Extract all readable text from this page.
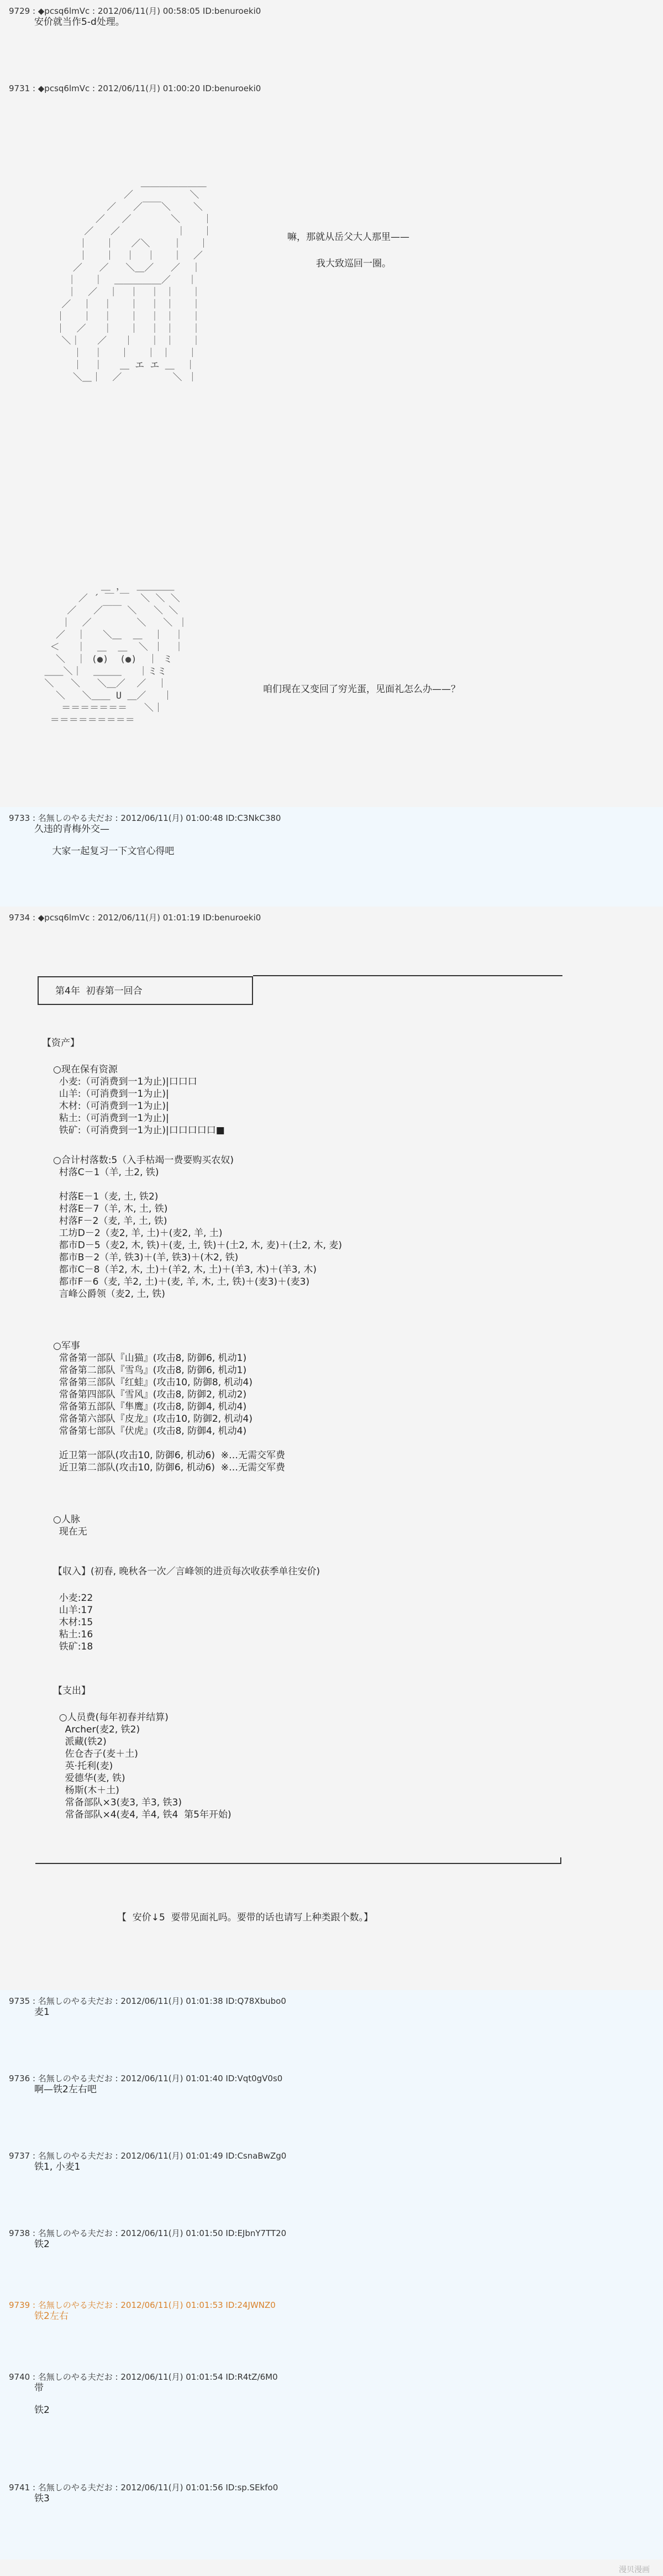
9729 : ◆pcsq6lmVc : 2012/06/11(月) 00:58:05 ID:benuroeki0
安价就当作5-d处理。
9731 : ◆pcsq6lmVc : 2012/06/11(月) 01:00:20 ID:benuroeki0
＿＿＿＿＿＿＿
／          ＼
／   ／￣￣＼    ＼
／   ／       ＼    ｜
／   ／          ｜   ｜
｜   ｜   ／＼    ｜   ｜
｜   ｜  ｜  ｜   ｜  ／
／   ／   ＼＿／   ／  ｜
｜   ｜  ＿＿＿＿＿／   ｜
｜  ／  ｜  ｜  ｜ ｜   ｜
／  ｜  ｜   ｜  ｜ ｜   ｜
｜   ｜  ｜   ｜  ｜ ｜   ｜
｜  ／   ｜   ｜  ｜ ｜   ｜
＼｜   ／   ｜   ｜ ｜   ｜
｜  ｜   ｜   ｜ ｜   ｜
｜  ｜   ＿ エ エ ＿  ｜
＼＿｜  ／         ＼ ｜
嘛，那就从岳父大人那里——
我大致巡回一圈。
＿ ，  ＿＿＿＿
／ ´ ￣ ￣  ＼ ＼ ＼
／   ／￣￣ ＼   ＼ ＼
｜  ／        ＼   ＼ ｜
／  ｜   ＼＿  ＿  ｜  ｜
＜   ｜  ＿  ＿  ＼ ｜  ｜
＼  ｜ (●)  (●)  ｜ ミ
＿＿＼｜  ＿＿＿   ｜ミミ
＼   ＼   ＼＿／  ／  ｜
＼   ＼＿＿ U ＿／   ｜
＝＝＝＝＝＝＝   ＼｜
＝＝＝＝＝＝＝＝＝
咱们现在又变回了穷光蛋，见面礼怎么办——？
9733 : 名無しのやる夫だお : 2012/06/11(月) 01:00:48 ID:C3NkC380
久违的青梅外交—

大家一起复习一下文官心得吧
9734 : ◆pcsq6lmVc : 2012/06/11(月) 01:01:19 ID:benuroeki0
第4年  初春第一回合
【资产】
○现在保有资源
小麦:（可消费到一1为止)|口口口
山羊:（可消费到一1为止)|
木材:（可消费到一1为止)|
粘土:（可消费到一1为止)|
铁矿:（可消费到一1为止)|口口口口口■
○合计村落数:5（入手枯竭一费要购买农奴)
村落C－1（羊, 土2, 铁)

村落E－1（麦, 土, 铁2)
村落E－7（羊, 木, 土, 铁)
村落F－2（麦, 羊, 土, 铁)
工坊D－2（麦2, 羊, 土)＋(麦2, 羊, 土)
都市D－5（麦2, 木, 铁)＋(麦, 土, 铁)＋(土2, 木, 麦)＋(土2, 木, 麦)
都市B－2（羊, 铁3)＋(羊, 铁3)＋(木2, 铁)
都市C－8（羊2, 木, 土)＋(羊2, 木, 土)＋(羊3, 木)＋(羊3, 木)
都市F－6（麦, 羊2, 土)＋(麦, 羊, 木, 土, 铁)＋(麦3)＋(麦3)
言峰公爵领（麦2, 土, 铁)
○军事
常备第一部队『山猫』(攻击8, 防御6, 机动1)
常备第二部队『雪鸟』(攻击8, 防御6, 机动1)
常备第三部队『红蛙』(攻击10, 防御8, 机动4)
常备第四部队『雪风』(攻击8, 防御2, 机动2)
常备第五部队『隼鹰』(攻击8, 防御4, 机动4)
常备第六部队『皮龙』(攻击10, 防御2, 机动4)
常备第七部队『伏虎』(攻击8, 防御4, 机动4)

近卫第一部队(攻击10, 防御6, 机动6)  ※…无需交军费
近卫第二部队(攻击10, 防御6, 机动6)  ※…无需交军费
○人脉
现在无
【収入】(初春, 晚秋各一次／言峰领的进贡每次收获季单往安价)
小麦:22
山羊:17
木材:15
粘土:16
铁矿:18
【支出】
○人员费(每年初春并结算)
Archer(麦2, 铁2)
派藏(铁2)
佐仓杏子(麦＋土)
英·托利(麦)
爱德华(麦, 铁)
杨斯(木＋土)
常备部队×3(麦3, 羊3, 铁3)
常备部队×4(麦4, 羊4, 铁4  第5年开始)
【  安价↓5  要带见面礼吗。要带的话也请写上种类跟个数。】
9735 : 名無しのやる夫だお : 2012/06/11(月) 01:01:38 ID:Q78Xbubo0
麦1
9736 : 名無しのやる夫だお : 2012/06/11(月) 01:01:40 ID:Vqt0gV0s0
啊—铁2左右吧
9737 : 名無しのやる夫だお : 2012/06/11(月) 01:01:49 ID:CsnaBwZg0
铁1, 小麦1
9738 : 名無しのやる夫だお : 2012/06/11(月) 01:01:50 ID:EJbnY7TT20
铁2
9739 : 名無しのやる夫だお : 2012/06/11(月) 01:01:53 ID:24JWNZ0
铁2左右
9740 : 名無しのやる夫だお : 2012/06/11(月) 01:01:54 ID:R4tZ/6M0
带

铁2
9741 : 名無しのやる夫だお : 2012/06/11(月) 01:01:56 ID:sp.SEkfo0
铁3
漫贝漫画
